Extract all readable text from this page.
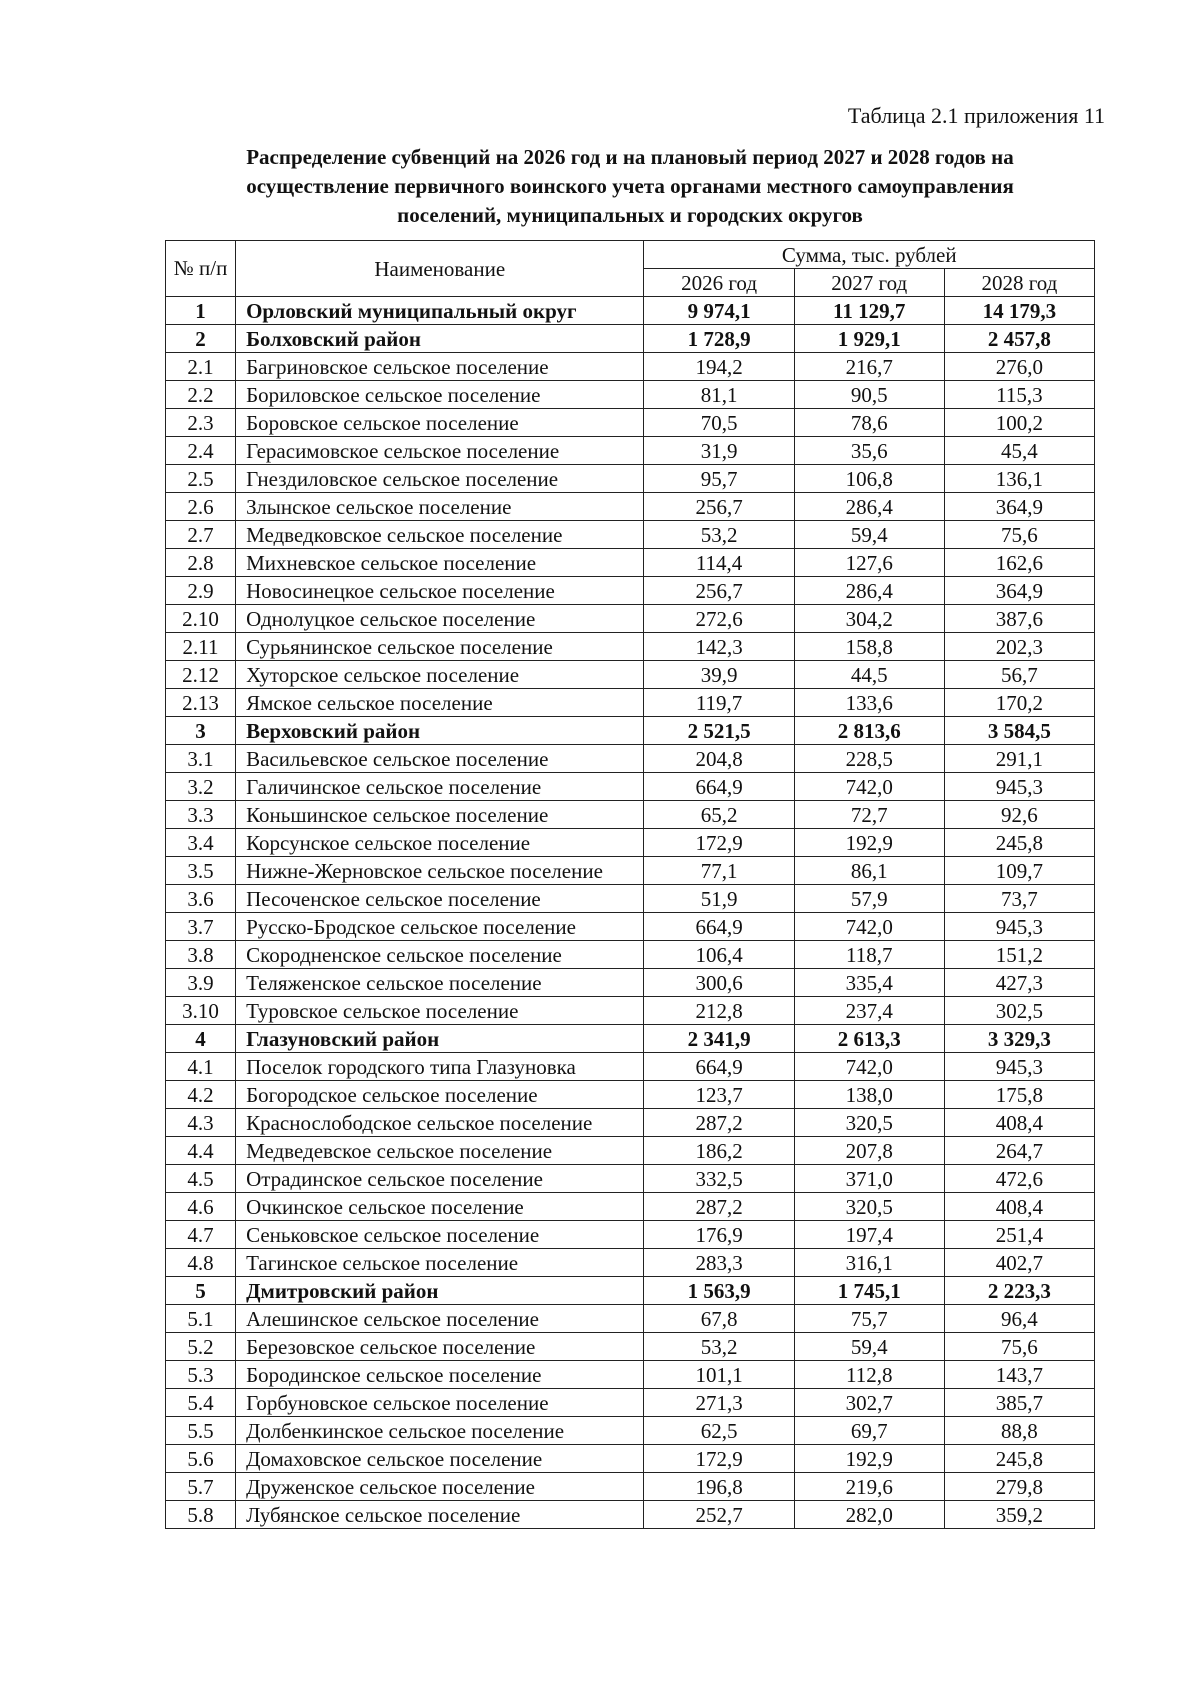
Таблица 2.1 приложения 11
Распределение субвенций на 2026 год и на плановый период 2027 и 2028 годов на
осуществление первичного воинского учета органами местного самоуправления
поселений, муниципальных и городских округов
№ п/п	Наименование	Сумма, тыс. рублей		
		2026 год	2027 год	2028 год
1	Орловский муниципальный округ	9 974,1	11 129,7	14 179,3
2	Болховский район	1 728,9	1 929,1	2 457,8
2.1	Багриновское сельское поселение	194,2	216,7	276,0
2.2	Бориловское сельское поселение	81,1	90,5	115,3
2.3	Боровское сельское поселение	70,5	78,6	100,2
2.4	Герасимовское сельское поселение	31,9	35,6	45,4
2.5	Гнездиловское сельское поселение	95,7	106,8	136,1
2.6	Злынское сельское поселение	256,7	286,4	364,9
2.7	Медведковское сельское поселение	53,2	59,4	75,6
2.8	Михневское сельское поселение	114,4	127,6	162,6
2.9	Новосинецкое сельское поселение	256,7	286,4	364,9
2.10	Однолуцкое сельское поселение	272,6	304,2	387,6
2.11	Сурьянинское сельское поселение	142,3	158,8	202,3
2.12	Хуторское сельское поселение	39,9	44,5	56,7
2.13	Ямское сельское поселение	119,7	133,6	170,2
3	Верховский район	2 521,5	2 813,6	3 584,5
3.1	Васильевское сельское поселение	204,8	228,5	291,1
3.2	Галичинское сельское поселение	664,9	742,0	945,3
3.3	Коньшинское сельское поселение	65,2	72,7	92,6
3.4	Корсунское сельское поселение	172,9	192,9	245,8
3.5	Нижне-Жерновское сельское поселение	77,1	86,1	109,7
3.6	Песоченское сельское поселение	51,9	57,9	73,7
3.7	Русско-Бродское сельское поселение	664,9	742,0	945,3
3.8	Скородненское сельское поселение	106,4	118,7	151,2
3.9	Теляженское сельское поселение	300,6	335,4	427,3
3.10	Туровское сельское поселение	212,8	237,4	302,5
4	Глазуновский район	2 341,9	2 613,3	3 329,3
4.1	Поселок городского типа Глазуновка	664,9	742,0	945,3
4.2	Богородское сельское поселение	123,7	138,0	175,8
4.3	Краснослободское сельское поселение	287,2	320,5	408,4
4.4	Медведевское сельское поселение	186,2	207,8	264,7
4.5	Отрадинское сельское поселение	332,5	371,0	472,6
4.6	Очкинское сельское поселение	287,2	320,5	408,4
4.7	Сеньковское сельское поселение	176,9	197,4	251,4
4.8	Тагинское сельское поселение	283,3	316,1	402,7
5	Дмитровский район	1 563,9	1 745,1	2 223,3
5.1	Алешинское сельское поселение	67,8	75,7	96,4
5.2	Березовское сельское поселение	53,2	59,4	75,6
5.3	Бородинское сельское поселение	101,1	112,8	143,7
5.4	Горбуновское сельское поселение	271,3	302,7	385,7
5.5	Долбенкинское сельское поселение	62,5	69,7	88,8
5.6	Домаховское сельское поселение	172,9	192,9	245,8
5.7	Друженское сельское поселение	196,8	219,6	279,8
5.8	Лубянское сельское поселение	252,7	282,0	359,2
